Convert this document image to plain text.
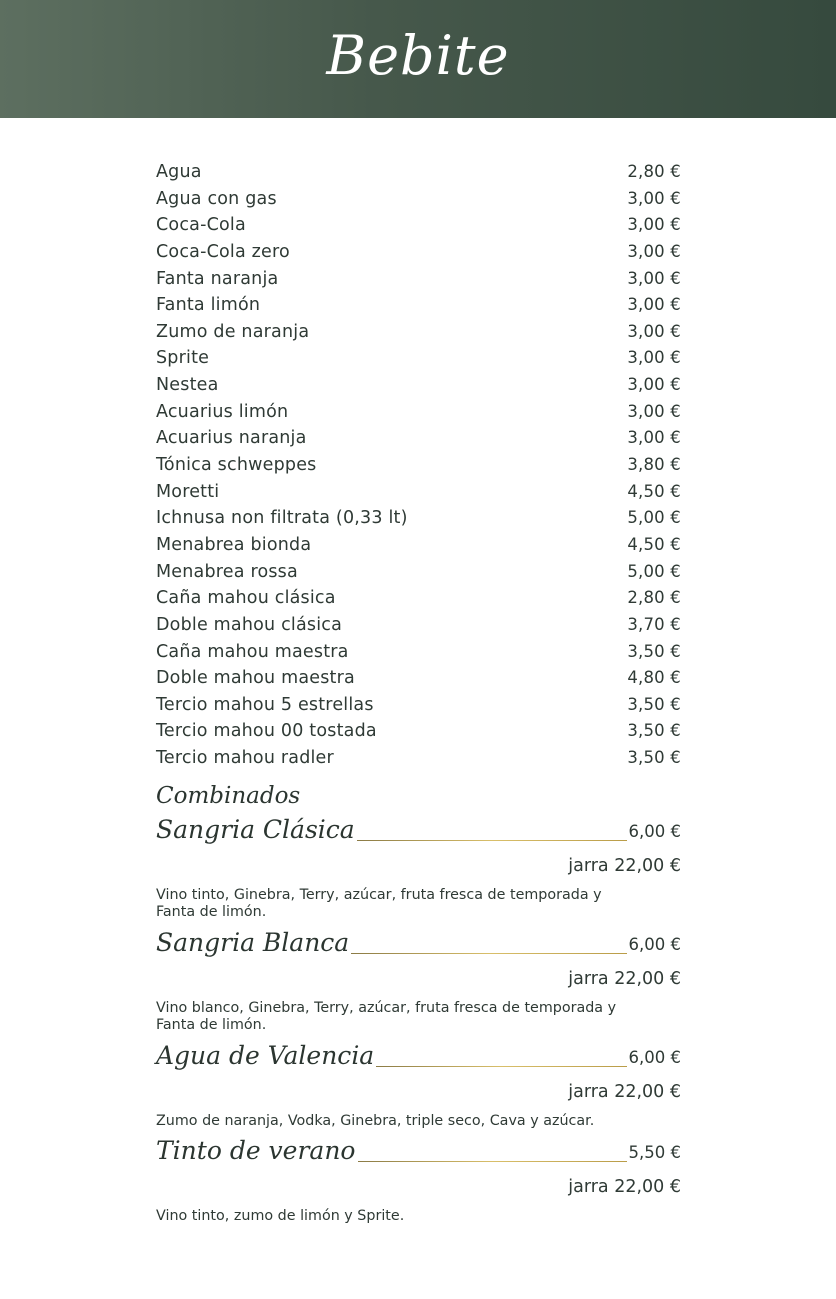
Bebite
Agua	2,80 €
Agua con gas	3,00 €
Coca-Cola	3,00 €
Coca-Cola zero	3,00 €
Fanta naranja	3,00 €
Fanta limón	3,00 €
Zumo de naranja	3,00 €
Sprite	3,00 €
Nestea	3,00 €
Acuarius limón	3,00 €
Acuarius naranja	3,00 €
Tónica schweppes	3,80 €
Moretti	4,50 €
Ichnusa non filtrata (0,33 lt)	5,00 €
Menabrea bionda	4,50 €
Menabrea rossa	5,00 €
Caña mahou clásica	2,80 €
Doble mahou clásica	3,70 €
Caña mahou maestra	3,50 €
Doble mahou maestra	4,80 €
Tercio mahou 5 estrellas	3,50 €
Tercio mahou 00 tostada	3,50 €
Tercio mahou radler	3,50 €
Combinados
Sangria Clásica	6,00 €
jarra 22,00 €
Vino tinto, Ginebra, Terry, azúcar, fruta fresca de temporada y Fanta de limón.
Sangria Blanca	6,00 €
jarra 22,00 €
Vino blanco, Ginebra, Terry, azúcar, fruta fresca de temporada y Fanta de limón.
Agua de Valencia	6,00 €
jarra 22,00 €
Zumo de naranja, Vodka, Ginebra, triple seco, Cava y azúcar.
Tinto de verano	5,50 €
jarra 22,00 €
Vino tinto, zumo de limón y Sprite.
